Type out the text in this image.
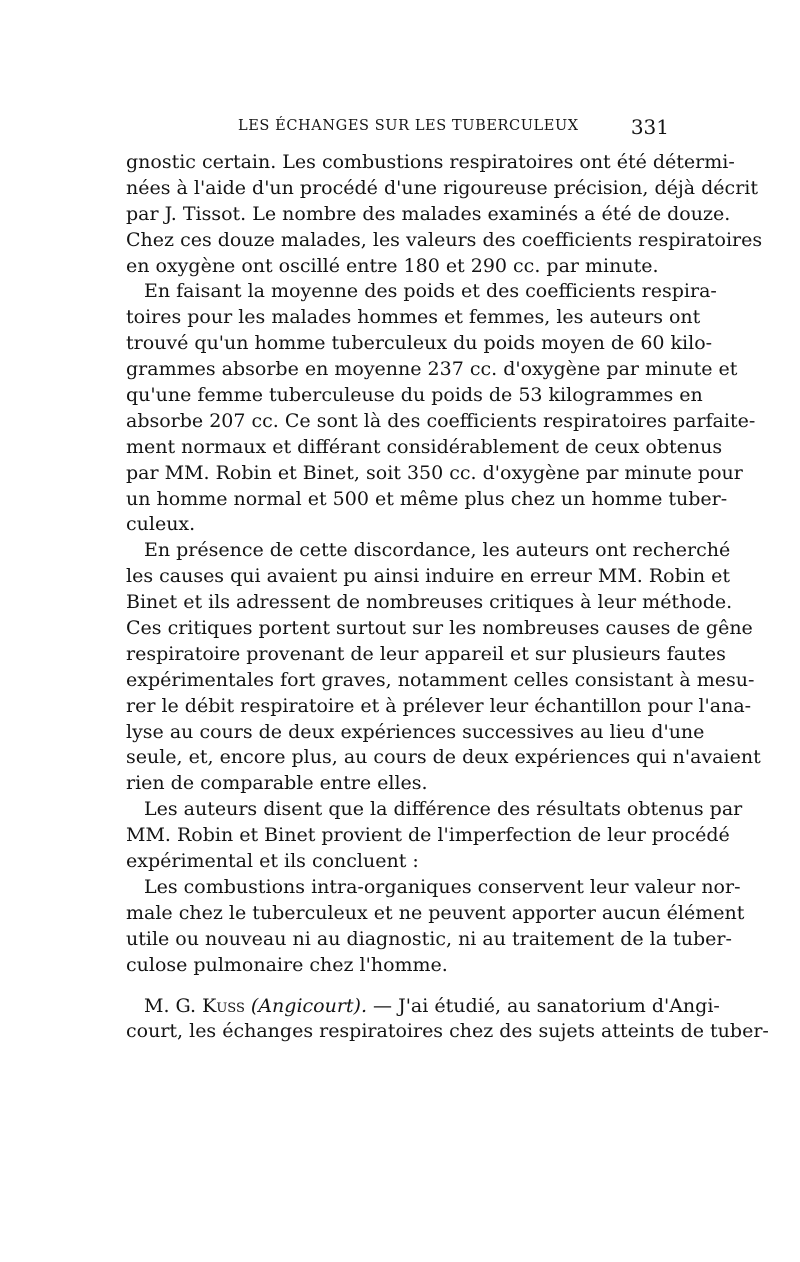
LES ÉCHANGES SUR LES TUBERCULEUX	331
gnostic certain. Les combustions respiratoires ont été détermi-
nées à l'aide d'un procédé d'une rigoureuse précision, déjà décrit
par J. Tissot. Le nombre des malades examinés a été de douze.
Chez ces douze malades, les valeurs des coefficients respiratoires
en oxygène ont oscillé entre 180 et 290 cc. par minute.
En faisant la moyenne des poids et des coefficients respira-
toires pour les malades hommes et femmes, les auteurs ont
trouvé qu'un homme tuberculeux du poids moyen de 60 kilo-
grammes absorbe en moyenne 237 cc. d'oxygène par minute et
qu'une femme tuberculeuse du poids de 53 kilogrammes en
absorbe 207 cc. Ce sont là des coefficients respiratoires parfaite-
ment normaux et différant considérablement de ceux obtenus
par MM. Robin et Binet, soit 350 cc. d'oxygène par minute pour
un homme normal et 500 et même plus chez un homme tuber-
culeux.
En présence de cette discordance, les auteurs ont recherché
les causes qui avaient pu ainsi induire en erreur MM. Robin et
Binet et ils adressent de nombreuses critiques à leur méthode.
Ces critiques portent surtout sur les nombreuses causes de gêne
respiratoire provenant de leur appareil et sur plusieurs fautes
expérimentales fort graves, notamment celles consistant à mesu-
rer le débit respiratoire et à prélever leur échantillon pour l'ana-
lyse au cours de deux expériences successives au lieu d'une
seule, et, encore plus, au cours de deux expériences qui n'avaient
rien de comparable entre elles.
Les auteurs disent que la différence des résultats obtenus par
MM. Robin et Binet provient de l'imperfection de leur procédé
expérimental et ils concluent :
Les combustions intra-organiques conservent leur valeur nor-
male chez le tuberculeux et ne peuvent apporter aucun élément
utile ou nouveau ni au diagnostic, ni au traitement de la tuber-
culose pulmonaire chez l'homme.
M. G. Kuss (Angicourt). — J'ai étudié, au sanatorium d'Angi-
court, les échanges respiratoires chez des sujets atteints de tuber-
